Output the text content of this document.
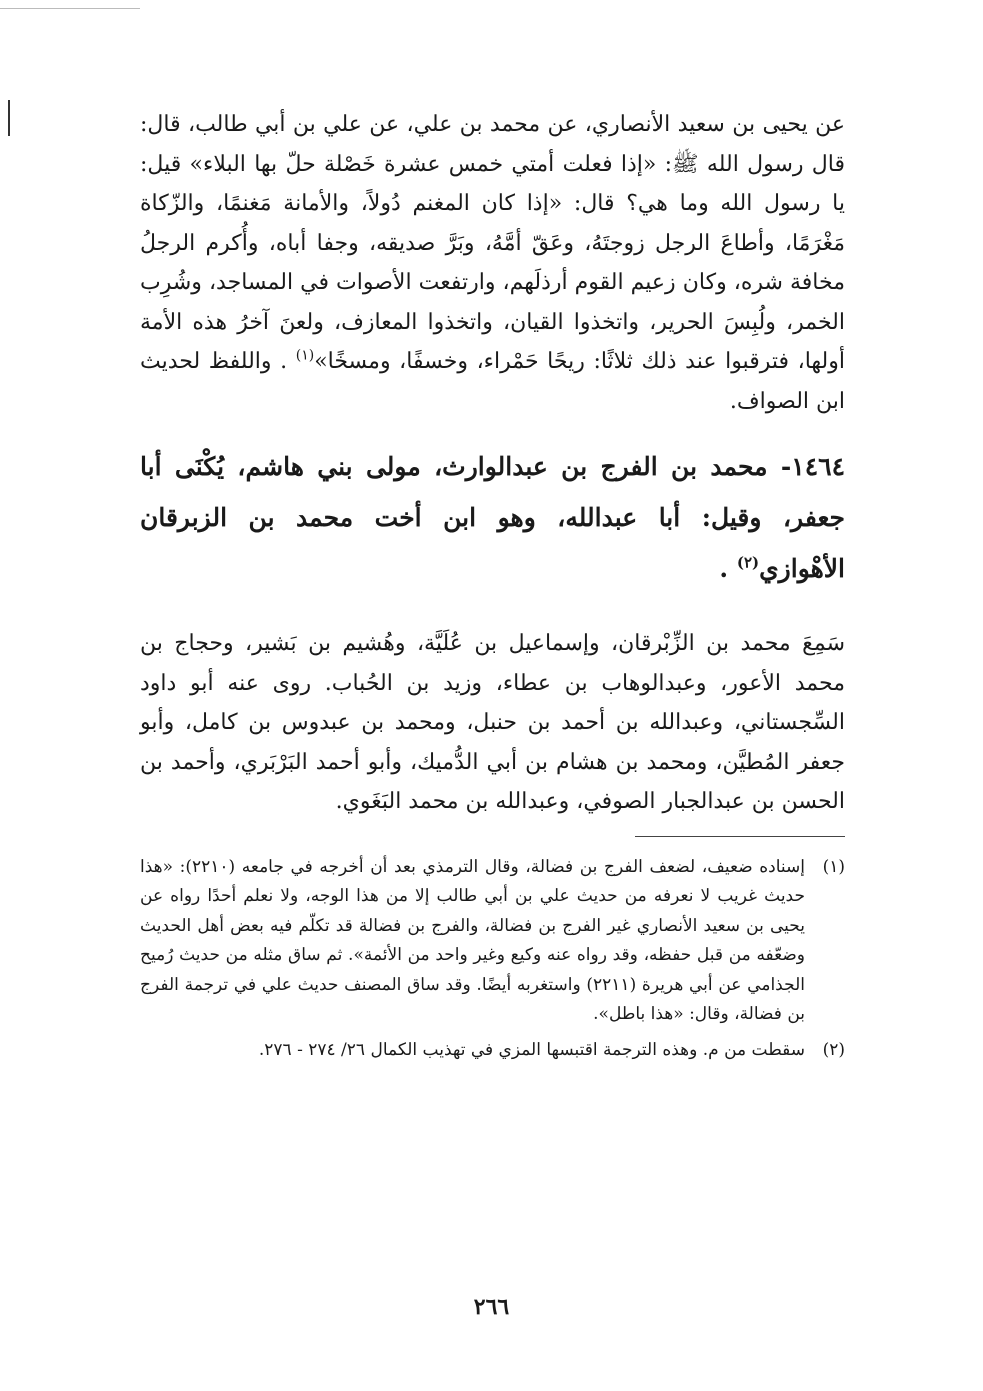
عن يحيى بن سعيد الأنصاري، عن محمد بن علي، عن علي بن أبي طالب، قال: قال رسول الله ﷺ: «إذا فعلت أمتي خمس عشرة خَصْلة حلّ بها البلاء» قيل: يا رسول الله وما هي؟ قال: «إذا كان المغنم دُولاً، والأمانة مَغنمًا، والزّكاة مَغْرَمًا، وأطاعَ الرجل زوجتَهُ، وعَقّ أمَّهُ، وبَرَّ صديقه، وجفا أباه، وأُكرم الرجلُ مخافة شره، وكان زعيم القوم أرذلَهم، وارتفعت الأصوات في المساجد، وشُرِب الخمر، ولُبِسَ الحرير، واتخذوا القيان، واتخذوا المعازف، ولعنَ آخرُ هذه الأمة أولها، فترقبوا عند ذلك ثلاثًا: ريحًا حَمْراء، وخسفًا، ومسخًا»$^{(١)}$ . واللفظ لحديث ابن الصواف.

١٤٦٤- محمد بن الفرج بن عبدالوارث، مولى بني هاشم، يُكْنَى أبا جعفر، وقيل: أبا عبدالله، وهو ابن أخت محمد بن الزبرقان الأهْوازي$^{(٢)}$ .

سَمِعَ محمد بن الزِّبْرقان، وإسماعيل بن عُلَيَّة، وهُشيم بن بَشير، وحجاج بن محمد الأعور، وعبدالوهاب بن عطاء، وزيد بن الحُباب. روى عنه أبو داود السِّجستاني، وعبدالله بن أحمد بن حنبل، ومحمد بن عبدوس بن كامل، وأبو جعفر المُطيَّن، ومحمد بن هشام بن أبي الدُّميك، وأبو أحمد البَرْبَري، وأحمد بن الحسن بن عبدالجبار الصوفي، وعبدالله بن محمد البَغَوي.

(١)
إسناده ضعيف، لضعف الفرج بن فضالة، وقال الترمذي بعد أن أخرجه في جامعه (٢٢١٠): «هذا حديث غريب لا نعرفه من حديث علي بن أبي طالب إلا من هذا الوجه، ولا نعلم أحدًا رواه عن يحيى بن سعيد الأنصاري غير الفرج بن فضالة، والفرج بن فضالة قد تكلّم فيه بعض أهل الحديث وضعّفه من قبل حفظه، وقد رواه عنه وكيع وغير واحد من الأئمة». ثم ساق مثله من حديث رُميح الجذامي عن أبي هريرة (٢٢١١) واستغربه أيضًا. وقد ساق المصنف حديث علي في ترجمة الفرج بن فضالة، وقال: «هذا باطل».
(٢)
سقطت من م. وهذه الترجمة اقتبسها المزي في تهذيب الكمال ٢٦/ ٢٧٤ - ٢٧٦.
٢٦٦
